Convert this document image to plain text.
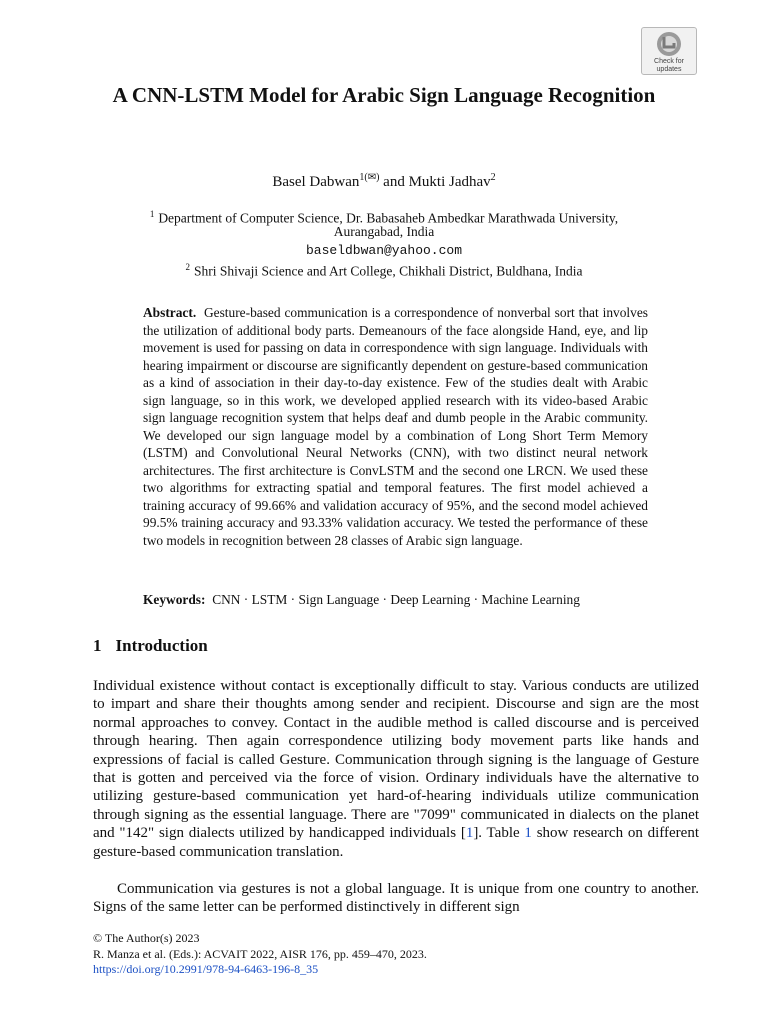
Check for
updates
A CNN-LSTM Model for Arabic Sign Language Recognition
Basel Dabwan$^{1(✉)}$ and Mukti Jadhav$^2$
$^1$ Department of Computer Science, Dr. Babasaheb Ambedkar Marathwada University,
Aurangabad, India
baseldbwan@yahoo.com
$^2$ Shri Shivaji Science and Art College, Chikhali District, Buldhana, India

Abstract. Gesture-based communication is a correspondence of nonverbal sort that involves the utilization of additional body parts. Demeanours of the face alongside Hand, eye, and lip movement is used for passing on data in correspondence with sign language. Individuals with hearing impairment or discourse are significantly dependent on gesture-based communication as a kind of association in their day-to-day existence. Few of the studies dealt with Arabic sign language, so in this work, we developed applied research with its video-based Arabic sign language recognition system that helps deaf and dumb people in the Arabic community. We developed our sign language model by a combination of Long Short Term Memory (LSTM) and Convolutional Neural Networks (CNN), with two distinct neural network architectures. The first architecture is ConvLSTM and the second one LRCN. We used these two algorithms for extracting spatial and temporal features. The first model achieved a training accuracy of 99.66% and validation accuracy of 95%, and the second model achieved 99.5% training accuracy and 93.33% validation accuracy. We tested the performance of these two models in recognition between 28 classes of Arabic sign language.

Keywords: CNN · LSTM · Sign Language · Deep Learning · Machine Learning
1 Introduction

Individual existence without contact is exceptionally difficult to stay. Various conducts are utilized to impart and share their thoughts among sender and recipient. Discourse and sign are the most normal approaches to convey. Contact in the audible method is called discourse and is perceived through hearing. Then again correspondence utilizing body movement parts like hands and expressions of facial is called Gesture. Communication through signing is the language of Gesture that is gotten and perceived via the force of vision. Ordinary individuals have the alternative to utilizing gesture-based communication yet hard-of-hearing individuals utilize communication through signing as the essential language. There are "7099" communicated in dialects on the planet and "142" sign dialects utilized by handicapped individuals [1]. Table 1 show research on different gesture-based communication translation.

Communication via gestures is not a global language. It is unique from one country to another. Signs of the same letter can be performed distinctively in different sign

© The Author(s) 2023
R. Manza et al. (Eds.): ACVAIT 2022, AISR 176, pp. 459–470, 2023.
https://doi.org/10.2991/978-94-6463-196-8_35
